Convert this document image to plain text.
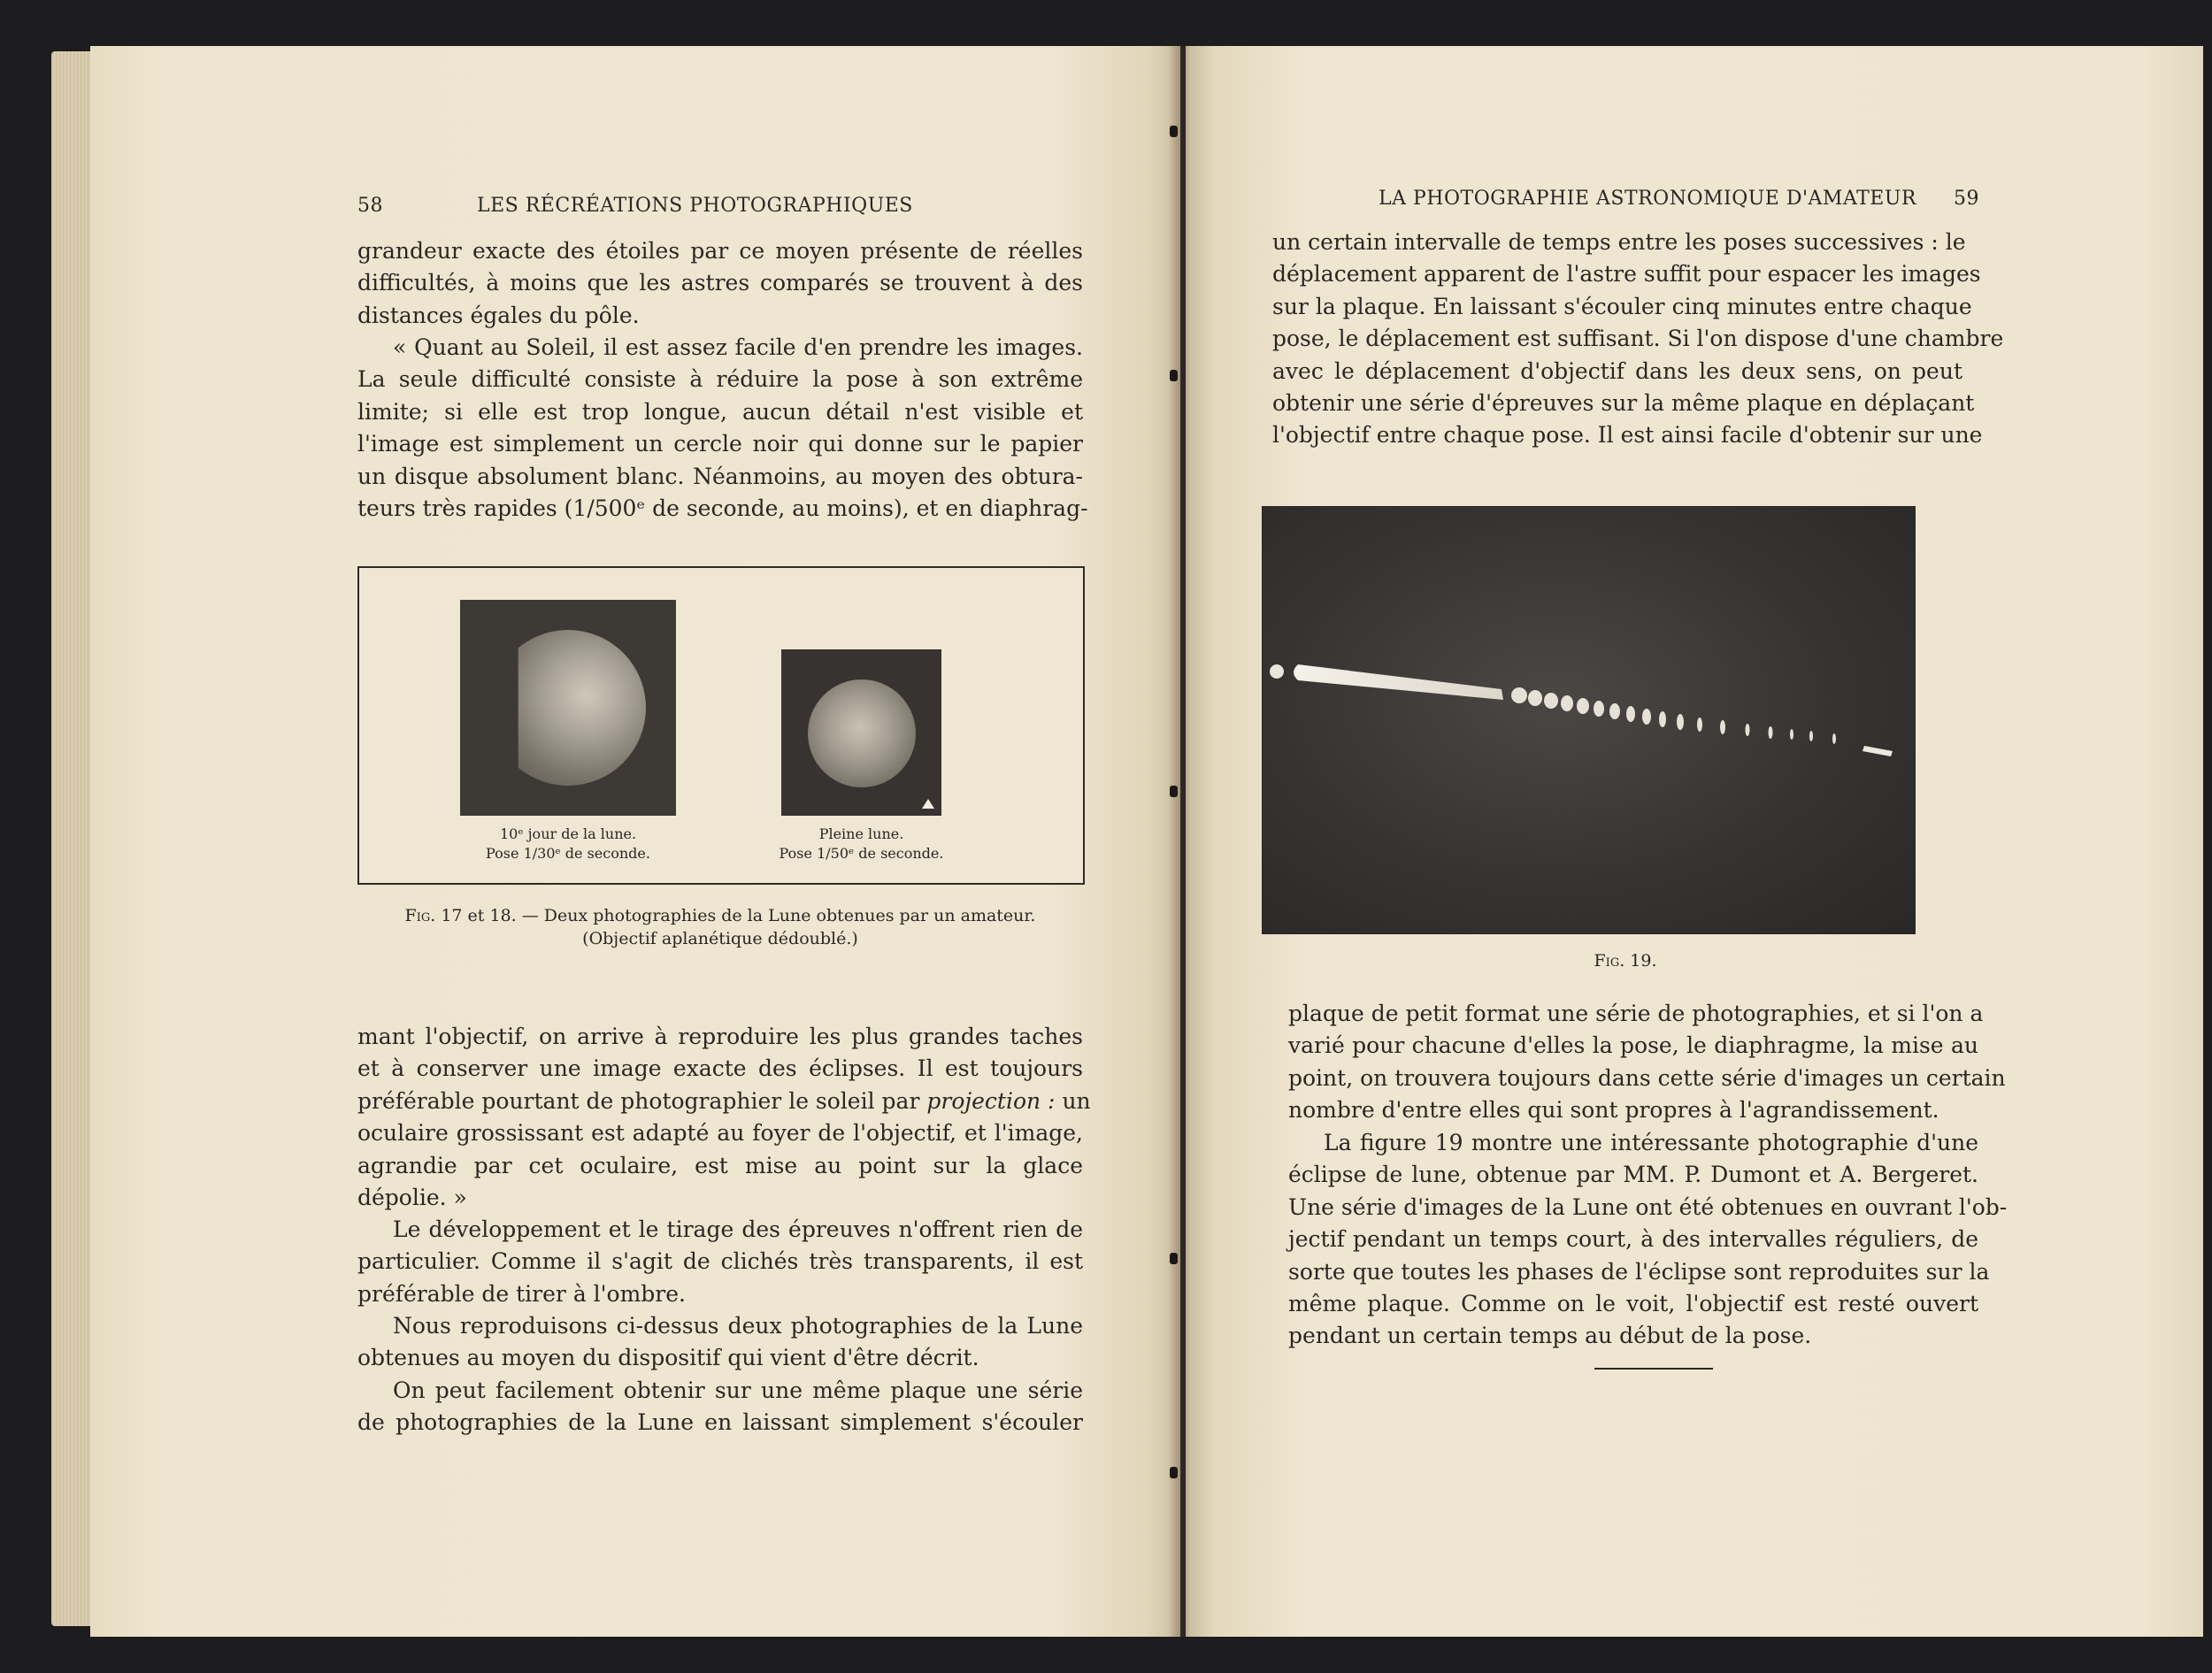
58	LES RÉCRÉATIONS PHOTOGRAPHIQUES
grandeur exacte des étoiles par ce moyen présente de réelles
difficultés, à moins que les astres comparés se trouvent à des
distances égales du pôle.
« Quant au Soleil, il est assez facile d'en prendre les images.
La seule difficulté consiste à réduire la pose à son extrême
limite; si elle est trop longue, aucun détail n'est visible et
l'image est simplement un cercle noir qui donne sur le papier
un disque absolument blanc. Néanmoins, au moyen des obtura-
teurs très rapides (1/500ᵉ de seconde, au moins), et en diaphrag-
10ᵉ jour de la lune.
Pose 1/30ᵉ de seconde.
Pleine lune.
Pose 1/50ᵉ de seconde.
Fig. 17 et 18. — Deux photographies de la Lune obtenues par un amateur.
(Objectif aplanétique dédoublé.)
mant l'objectif, on arrive à reproduire les plus grandes taches
et à conserver une image exacte des éclipses. Il est toujours
préférable pourtant de photographier le soleil par projection : un
oculaire grossissant est adapté au foyer de l'objectif, et l'image,
agrandie par cet oculaire, est mise au point sur la glace
dépolie. »
Le développement et le tirage des épreuves n'offrent rien de
particulier. Comme il s'agit de clichés très transparents, il est
préférable de tirer à l'ombre.
Nous reproduisons ci-dessus deux photographies de la Lune
obtenues au moyen du dispositif qui vient d'être décrit.
On peut facilement obtenir sur une même plaque une série
de photographies de la Lune en laissant simplement s'écouler
LA PHOTOGRAPHIE ASTRONOMIQUE D'AMATEUR 59
un certain intervalle de temps entre les poses successives : le
déplacement apparent de l'astre suffit pour espacer les images
sur la plaque. En laissant s'écouler cinq minutes entre chaque
pose, le déplacement est suffisant. Si l'on dispose d'une chambre
avec le déplacement d'objectif dans les deux sens, on peut
obtenir une série d'épreuves sur la même plaque en déplaçant
l'objectif entre chaque pose. Il est ainsi facile d'obtenir sur une
Fig. 19.
plaque de petit format une série de photographies, et si l'on a
varié pour chacune d'elles la pose, le diaphragme, la mise au
point, on trouvera toujours dans cette série d'images un certain
nombre d'entre elles qui sont propres à l'agrandissement.
La figure 19 montre une intéressante photographie d'une
éclipse de lune, obtenue par MM. P. Dumont et A. Bergeret.
Une série d'images de la Lune ont été obtenues en ouvrant l'ob-
jectif pendant un temps court, à des intervalles réguliers, de
sorte que toutes les phases de l'éclipse sont reproduites sur la
même plaque. Comme on le voit, l'objectif est resté ouvert
pendant un certain temps au début de la pose.
